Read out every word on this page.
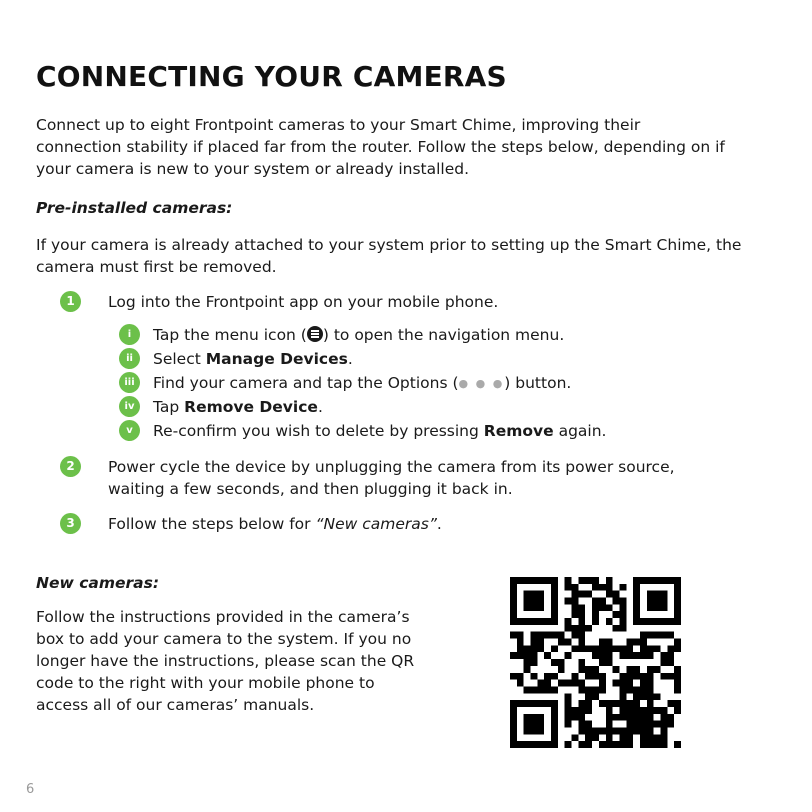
CONNECTING YOUR CAMERAS

Connect up to eight Frontpoint cameras to your Smart Chime, improving their
connection stability if placed far from the router. Follow the steps below, depending on if
your camera is new to your system or already installed.

Pre-installed cameras:

If your camera is already attached to your system prior to setting up the Smart Chime, the
camera must first be removed.

1	Log into the Frontpoint app on your mobile phone.

i	Tap the menu icon ( ) to open the navigation menu.

ii	Select Manage Devices.

iii	Find your camera and tap the Options (● ● ●) button.

iv	Tap Remove Device.

v	Re-confirm you wish to delete by pressing Remove again.

2	Power cycle the device by unplugging the camera from its power source,
waiting a few seconds, and then plugging it back in.

3	Follow the steps below for “New cameras”.

New cameras:

Follow the instructions provided in the camera’s
box to add your camera to the system. If you no
longer have the instructions, please scan the QR
code to the right with your mobile phone to
access all of our cameras’ manuals.

6
